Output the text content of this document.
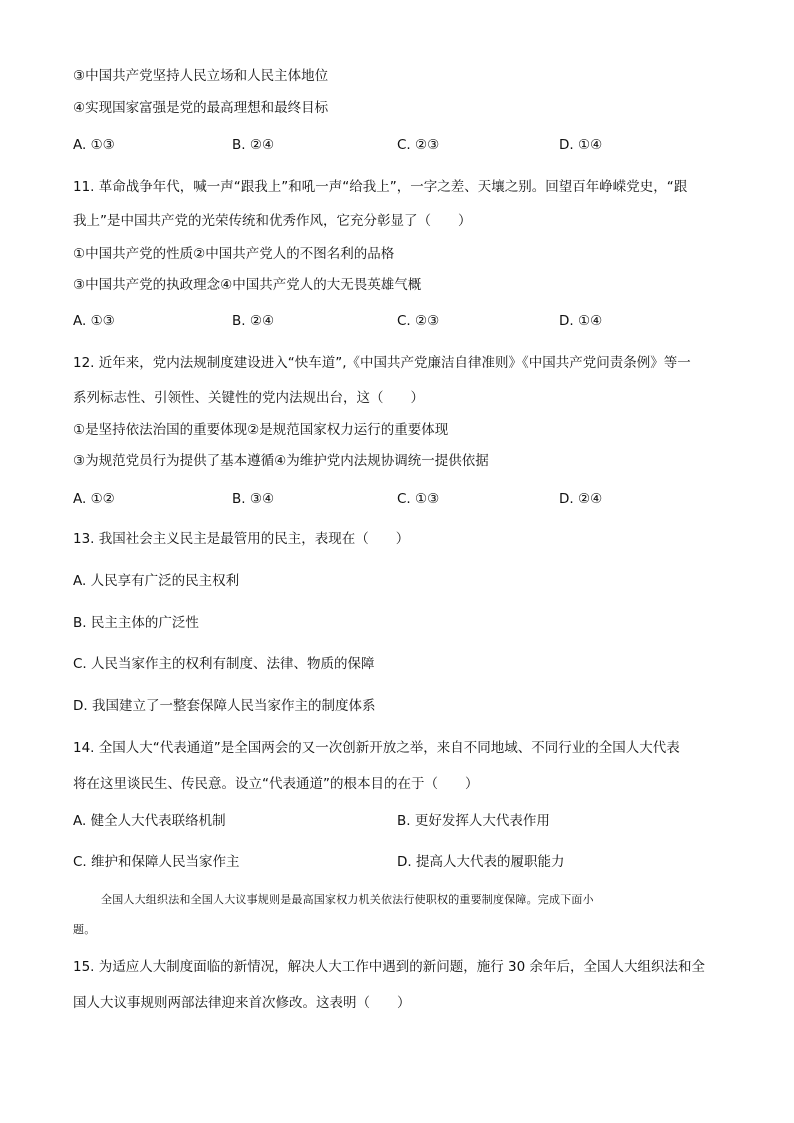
③中国共产党坚持人民立场和人民主体地位
④实现国家富强是党的最高理想和最终目标
A. ①③	B. ②④	C. ②③	D. ①④
11. 革命战争年代，喊一声“跟我上”和吼一声“给我上”，一字之差、天壤之别。回望百年峥嵘党史，“跟
我上”是中国共产党的光荣传统和优秀作风，它充分彰显了（　　）
①中国共产党的性质②中国共产党人的不图名利的品格
③中国共产党的执政理念④中国共产党人的大无畏英雄气概
A. ①③	B. ②④	C. ②③	D. ①④
12. 近年来，党内法规制度建设进入“快车道”,《中国共产党廉洁自律准则》《中国共产党问责条例》等一
系列标志性、引领性、关键性的党内法规出台，这（　　）
①是坚持依法治国的重要体现②是规范国家权力运行的重要体现
③为规范党员行为提供了基本遵循④为维护党内法规协调统一提供依据
A. ①②	B. ③④	C. ①③	D. ②④
13. 我国社会主义民主是最管用的民主，表现在（　　）
A. 人民享有广泛的民主权利
B. 民主主体的广泛性
C. 人民当家作主的权利有制度、法律、物质的保障
D. 我国建立了一整套保障人民当家作主的制度体系
14. 全国人大“代表通道”是全国两会的又一次创新开放之举，来自不同地域、不同行业的全国人大代表
将在这里谈民生、传民意。设立“代表通道”的根本目的在于（　　）
A. 健全人大代表联络机制	B. 更好发挥人大代表作用
C. 维护和保障人民当家作主	D. 提高人大代表的履职能力
全国人大组织法和全国人大议事规则是最高国家权力机关依法行使职权的重要制度保障。完成下面小
题。
15. 为适应人大制度面临的新情况，解决人大工作中遇到的新问题，施行 30 余年后，全国人大组织法和全
国人大议事规则两部法律迎来首次修改。这表明（　　）
